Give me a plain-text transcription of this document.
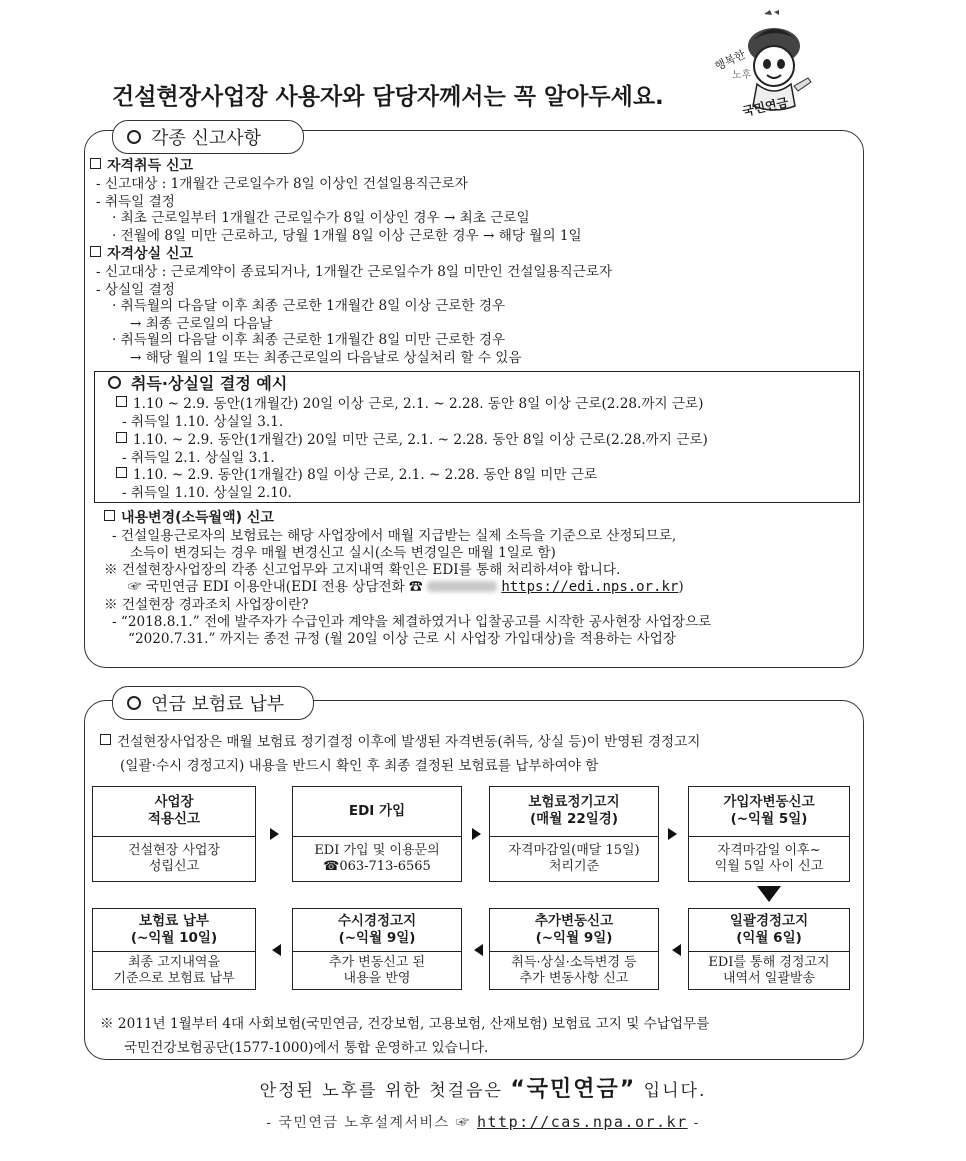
건설현장사업장 사용자와 담당자께서는 꼭 알아두세요.
행복한
노후
국민연금
각종 신고사항
자격취득 신고
- 신고대상 : 1개월간 근로일수가 8일 이상인 건설일용직근로자
- 취득일 결정
· 최초 근로일부터 1개월간 근로일수가 8일 이상인 경우 → 최초 근로일
· 전월에 8일 미만 근로하고, 당월 1개월 8일 이상 근로한 경우 → 해당 월의 1일
자격상실 신고
- 신고대상 : 근로계약이 종료되거나, 1개월간 근로일수가 8일 미만인 건설일용직근로자
- 상실일 결정
· 취득월의 다음달 이후 최종 근로한 1개월간 8일 이상 근로한 경우
→ 최종 근로일의 다음날
· 취득월의 다음달 이후 최종 근로한 1개월간 8일 미만 근로한 경우
→ 해당 월의 1일 또는 최종근로일의 다음날로 상실처리 할 수 있음
취득·상실일 결정 예시
1.10 ~ 2.9. 동안(1개월간) 20일 이상 근로, 2.1. ~ 2.28. 동안 8일 이상 근로(2.28.까지 근로)
- 취득일 1.10. 상실일 3.1.
1.10. ~ 2.9. 동안(1개월간) 20일 미만 근로, 2.1. ~ 2.28. 동안 8일 이상 근로(2.28.까지 근로)
- 취득일 2.1. 상실일 3.1.
1.10. ~ 2.9. 동안(1개월간) 8일 이상 근로, 2.1. ~ 2.28. 동안 8일 미만 근로
- 취득일 1.10. 상실일 2.10.
내용변경(소득월액) 신고
- 건설일용근로자의 보험료는 해당 사업장에서 매월 지급받는 실제 소득을 기준으로 산정되므로,
소득이 변경되는 경우 매월 변경신고 실시(소득 변경일은 매월 1일로 함)
※ 건설현장사업장의 각종 신고업무와 고지내역 확인은 EDI를 통해 처리하셔야 합니다.
☞ 국민연금 EDI 이용안내(EDI 전용 상담전화 ☎	https://edi.nps.or.kr)
※ 건설현장 경과조치 사업장이란?
- “2018.8.1.” 전에 발주자가 수급인과 계약을 체결하였거나 입찰공고를 시작한 공사현장 사업장으로
“2020.7.31.” 까지는 종전 규정 (월 20일 이상 근로 시 사업장 가입대상)을 적용하는 사업장
연금 보험료 납부
건설현장사업장은 매월 보험료 정기결정 이후에 발생된 자격변동(취득, 상실 등)이 반영된 경정고지
(일괄·수시 경정고지) 내용을 반드시 확인 후 최종 결정된 보험료를 납부하여야 함
사업장
적용신고
건설현장 사업장
성립신고
EDI 가입
EDI 가입 및 이용문의
☎063-713-6565
보험료정기고지
(매월 22일경)
자격마감일(매달 15일)
처리기준
가입자변동신고
(~익월 5일)
자격마감일 이후~
익월 5일 사이 신고
보험료 납부
(~익월 10일)
최종 고지내역을
기준으로 보험료 납부
수시경정고지
(~익월 9일)
추가 변동신고 된
내용을 반영
추가변동신고
(~익월 9일)
취득·상실·소득변경 등
추가 변동사항 신고
일괄경정고지
(익월 6일)
EDI를 통해 경정고지
내역서 일괄발송
※ 2011년 1월부터 4대 사회보험(국민연금, 건강보험, 고용보험, 산재보험) 보험료 고지 및 수납업무를
국민건강보험공단(1577-1000)에서 통합 운영하고 있습니다.
안정된 노후를 위한 첫걸음은 “국민연금” 입니다.
- 국민연금 노후설계서비스 ☞ http://cas.npa.or.kr -
